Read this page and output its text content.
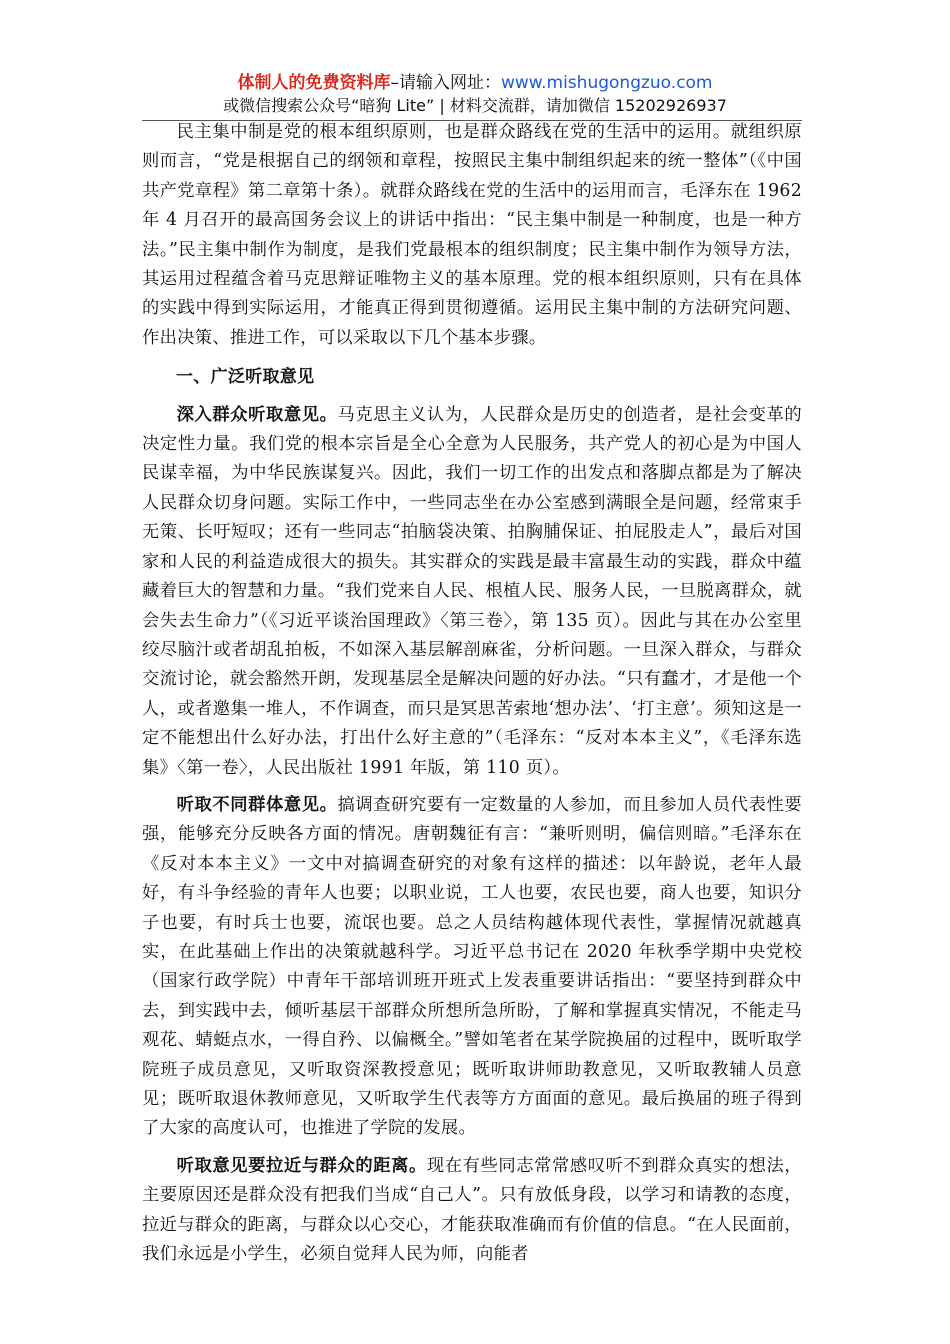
体制人的免费资料库–请输入网址：www.mishugongzuo.com
或微信搜索公众号“暗狗 Lite” | 材料交流群，请加微信 15202926937

民主集中制是党的根本组织原则，也是群众路线在党的生活中的运用。就组织原则而言，“党是根据自己的纲领和章程，按照民主集中制组织起来的统一整体”（《中国共产党章程》第二章第十条）。就群众路线在党的生活中的运用而言，毛泽东在 1962 年 4 月召开的最高国务会议上的讲话中指出：“民主集中制是一种制度，也是一种方法。”民主集中制作为制度，是我们党最根本的组织制度；民主集中制作为领导方法，其运用过程蕴含着马克思辩证唯物主义的基本原理。党的根本组织原则，只有在具体的实践中得到实际运用，才能真正得到贯彻遵循。运用民主集中制的方法研究问题、作出决策、推进工作，可以采取以下几个基本步骤。

一、广泛听取意见

深入群众听取意见。马克思主义认为，人民群众是历史的创造者，是社会变革的决定性力量。我们党的根本宗旨是全心全意为人民服务，共产党人的初心是为中国人民谋幸福，为中华民族谋复兴。因此，我们一切工作的出发点和落脚点都是为了解决人民群众切身问题。实际工作中，一些同志坐在办公室感到满眼全是问题，经常束手无策、长吁短叹；还有一些同志“拍脑袋决策、拍胸脯保证、拍屁股走人”，最后对国家和人民的利益造成很大的损失。其实群众的实践是最丰富最生动的实践，群众中蕴藏着巨大的智慧和力量。“我们党来自人民、根植人民、服务人民，一旦脱离群众，就会失去生命力”（《习近平谈治国理政》〈第三卷〉，第 135 页）。因此与其在办公室里绞尽脑汁或者胡乱拍板，不如深入基层解剖麻雀，分析问题。一旦深入群众，与群众交流讨论，就会豁然开朗，发现基层全是解决问题的好办法。“只有蠢才，才是他一个人，或者邀集一堆人，不作调查，而只是冥思苦索地‘想办法’、‘打主意’。须知这是一定不能想出什么好办法，打出什么好主意的”（毛泽东：“反对本本主义”，《毛泽东选集》〈第一卷〉，人民出版社 1991 年版，第 110 页）。

听取不同群体意见。搞调查研究要有一定数量的人参加，而且参加人员代表性要强，能够充分反映各方面的情况。唐朝魏征有言：“兼听则明，偏信则暗。”毛泽东在《反对本本主义》一文中对搞调查研究的对象有这样的描述：以年龄说，老年人最好，有斗争经验的青年人也要；以职业说，工人也要，农民也要，商人也要，知识分子也要，有时兵士也要，流氓也要。总之人员结构越体现代表性，掌握情况就越真实，在此基础上作出的决策就越科学。习近平总书记在 2020 年秋季学期中央党校（国家行政学院）中青年干部培训班开班式上发表重要讲话指出：“要坚持到群众中去，到实践中去，倾听基层干部群众所想所急所盼，了解和掌握真实情况，不能走马观花、蜻蜓点水，一得自矜、以偏概全。”譬如笔者在某学院换届的过程中，既听取学院班子成员意见，又听取资深教授意见；既听取讲师助教意见，又听取教辅人员意见；既听取退休教师意见，又听取学生代表等方方面面的意见。最后换届的班子得到了大家的高度认可，也推进了学院的发展。

听取意见要拉近与群众的距离。现在有些同志常常感叹听不到群众真实的想法，主要原因还是群众没有把我们当成“自己人”。只有放低身段，以学习和请教的态度，拉近与群众的距离，与群众以心交心，才能获取准确而有价值的信息。“在人民面前，我们永远是小学生，必须自觉拜人民为师，向能者
